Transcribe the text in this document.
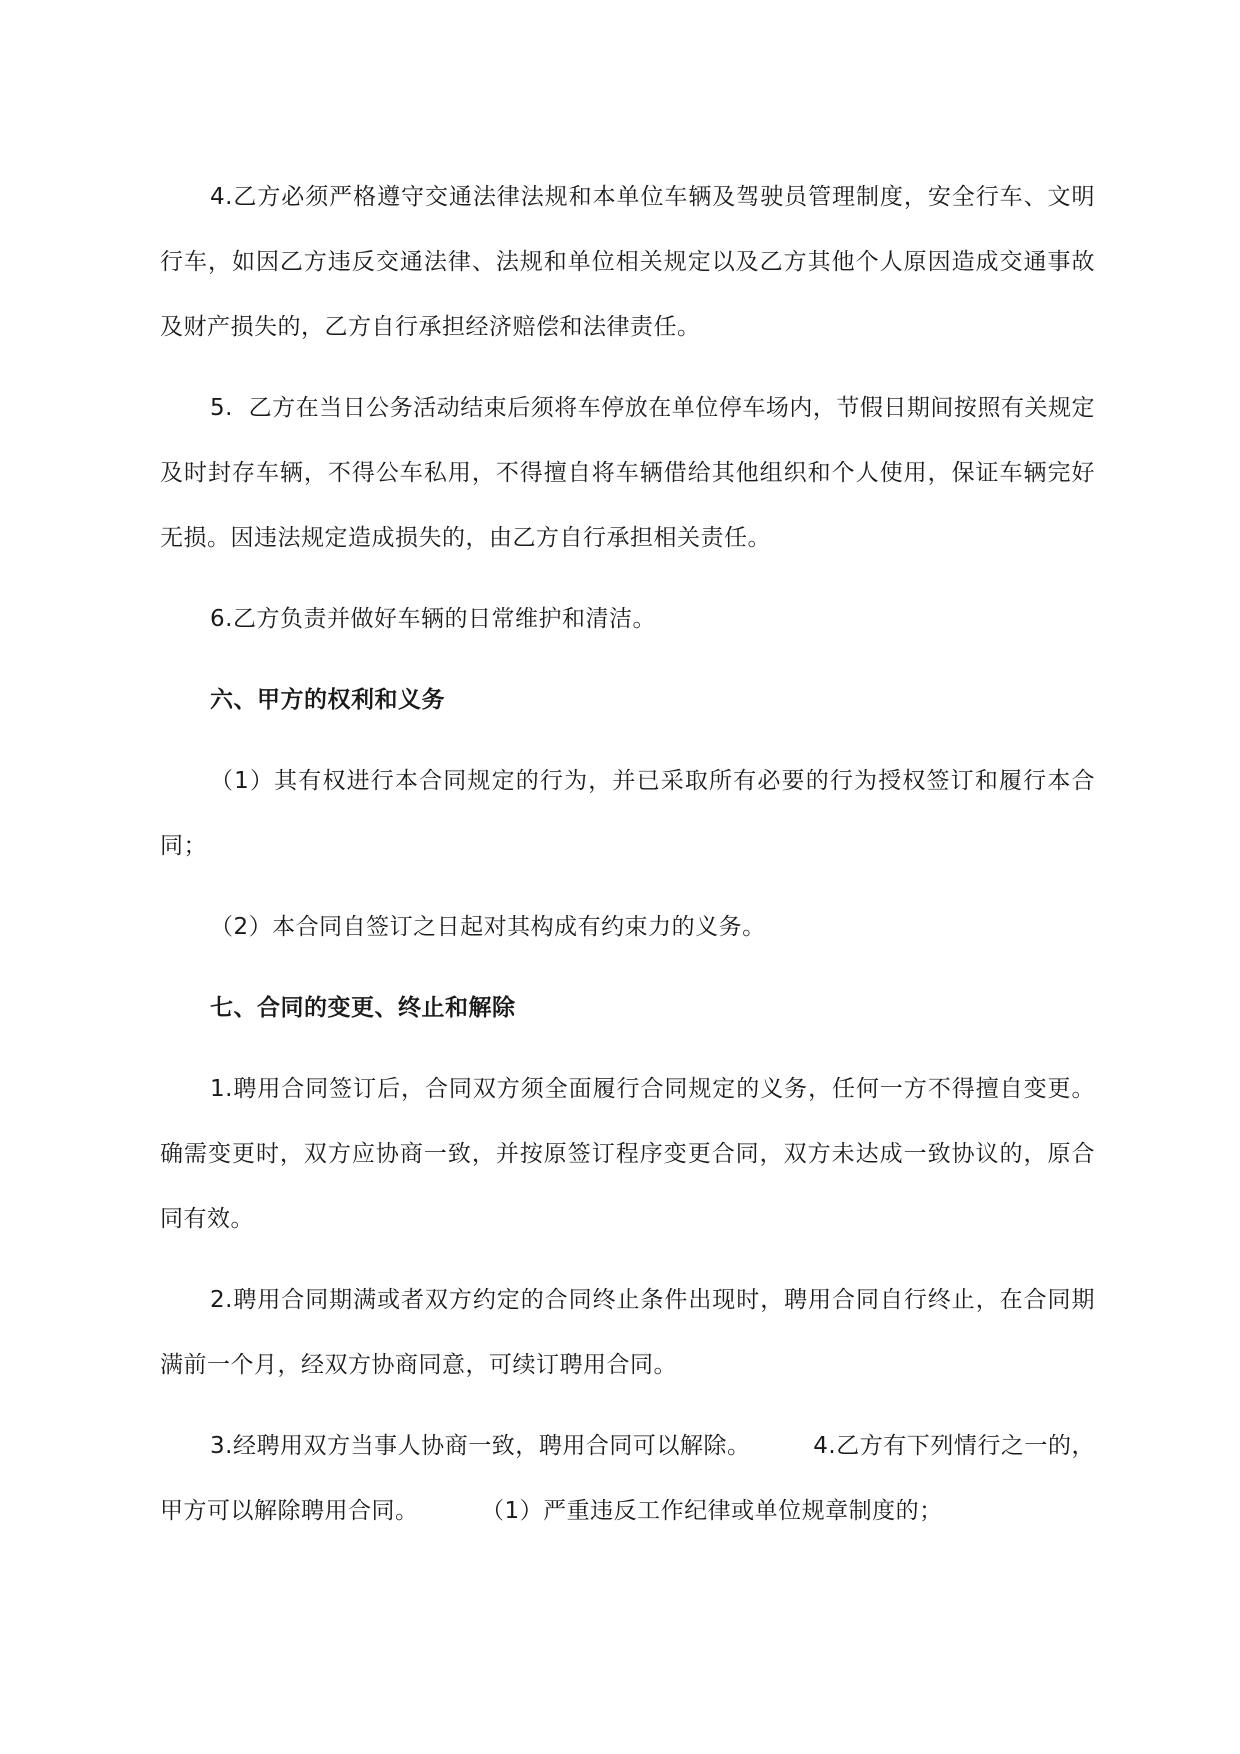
4.乙方必须严格遵守交通法律法规和本单位车辆及驾驶员管理制度，安全行车、文明行车，如因乙方违反交通法律、法规和单位相关规定以及乙方其他个人原因造成交通事故及财产损失的，乙方自行承担经济赔偿和法律责任。

5.  乙方在当日公务活动结束后须将车停放在单位停车场内，节假日期间按照有关规定及时封存车辆，不得公车私用，不得擅自将车辆借给其他组织和个人使用，保证车辆完好无损。因违法规定造成损失的，由乙方自行承担相关责任。

6.乙方负责并做好车辆的日常维护和清洁。

六、甲方的权利和义务

（1）其有权进行本合同规定的行为，并已采取所有必要的行为授权签订和履行本合同；

（2）本合同自签订之日起对其构成有约束力的义务。

七、合同的变更、终止和解除

1.聘用合同签订后，合同双方须全面履行合同规定的义务，任何一方不得擅自变更。确需变更时，双方应协商一致，并按原签订程序变更合同，双方未达成一致协议的，原合同有效。

2.聘用合同期满或者双方约定的合同终止条件出现时，聘用合同自行终止，在合同期满前一个月，经双方协商同意，可续订聘用合同。

3.经聘用双方当事人协商一致，聘用合同可以解除。        4.乙方有下列情行之一的，甲方可以解除聘用合同。        （1）严重违反工作纪律或单位规章制度的；
